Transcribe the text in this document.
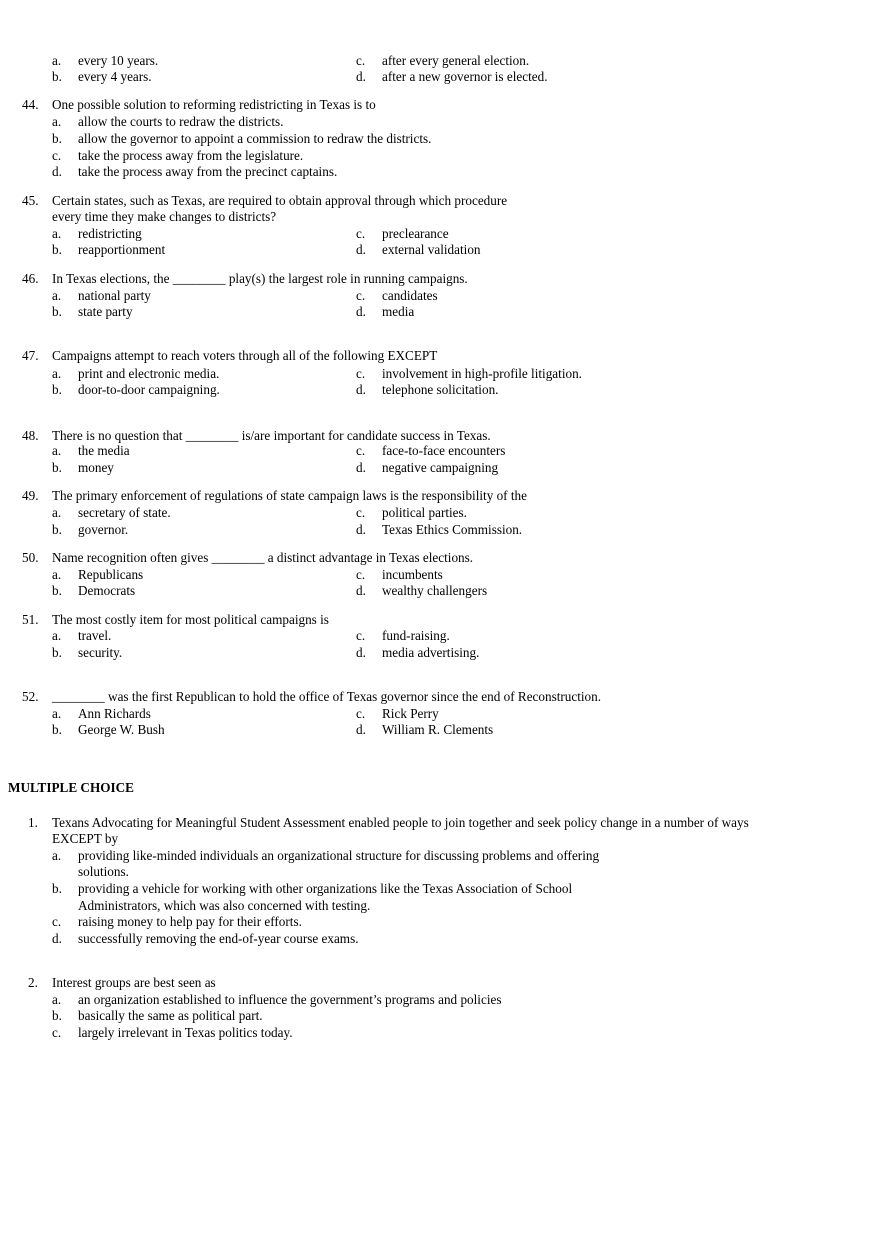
a. every 10 years.	c. after every general election.
b. every 4 years.	d. after a new governor is elected.
44. One possible solution to reforming redistricting in Texas is to
a. allow the courts to redraw the districts.
b. allow the governor to appoint a commission to redraw the districts.
c. take the process away from the legislature.
d. take the process away from the precinct captains.
45. Certain states, such as Texas, are required to obtain approval through which procedure
every time they make changes to districts?
a. redistricting	c. preclearance
b. reapportionment	d. external validation
46. In Texas elections, the ________ play(s) the largest role in running campaigns.
a. national party	c. candidates
b. state party	d. media
47. Campaigns attempt to reach voters through all of the following EXCEPT
a. print and electronic media.	c. involvement in high-profile litigation.
b. door-to-door campaigning.	d. telephone solicitation.
48. There is no question that ________ is/are important for candidate success in Texas.
a. the media	c. face-to-face encounters
b. money	d. negative campaigning
49. The primary enforcement of regulations of state campaign laws is the responsibility of the
a. secretary of state.	c. political parties.
b. governor.	d. Texas Ethics Commission.
50. Name recognition often gives ________ a distinct advantage in Texas elections.
a. Republicans	c. incumbents
b. Democrats	d. wealthy challengers
51. The most costly item for most political campaigns is
a. travel.	c. fund-raising.
b. security.	d. media advertising.
52. ________ was the first Republican to hold the office of Texas governor since the end of Reconstruction.
a. Ann Richards	c. Rick Perry
b. George W. Bush	d. William R. Clements
MULTIPLE CHOICE
1. Texans Advocating for Meaningful Student Assessment enabled people to join together and seek policy change in a number of ways
EXCEPT by
a. providing like-minded individuals an organizational structure for discussing problems and offering
solutions.
b. providing a vehicle for working with other organizations like the Texas Association of School
Administrators, which was also concerned with testing.
c. raising money to help pay for their efforts.
d. successfully removing the end-of-year course exams.
2. Interest groups are best seen as
a. an organization established to influence the government’s programs and policies
b. basically the same as political part.
c. largely irrelevant in Texas politics today.
